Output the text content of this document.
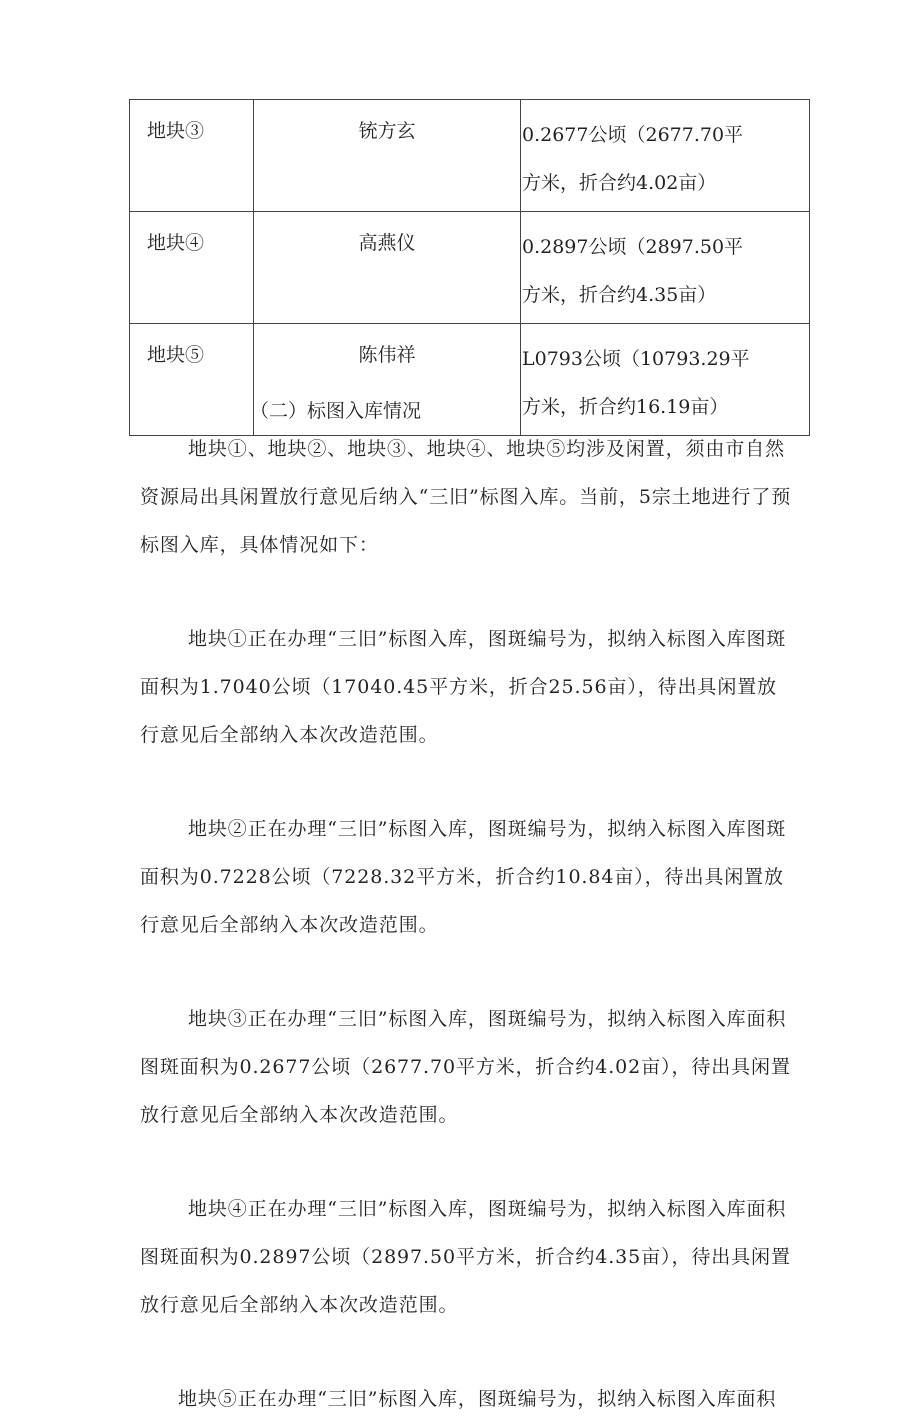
地块③	铳方玄	0.2677公顷（2677.70平
方米，折合约4.02亩）

地块④	高燕仪	0.2897公顷（2897.50平
方米，折合约4.35亩）

地块⑤	陈伟祥	L0793公顷（10793.29平
方米，折合约16.19亩）
（二）标图入库情况

地块①、地块②、地块③、地块④、地块⑤均涉及闲置，须由市自然资源局出具闲置放行意见后纳入“三旧”标图入库。当前，5宗土地进行了预标图入库，具体情况如下：

地块①正在办理“三旧”标图入库，图斑编号为，拟纳入标图入库图斑面积为1.7040公顷（17040.45平方米，折合25.56亩），待出具闲置放行意见后全部纳入本次改造范围。

地块②正在办理“三旧”标图入库，图斑编号为，拟纳入标图入库图斑面积为0.7228公顷（7228.32平方米，折合约10.84亩），待出具闲置放行意见后全部纳入本次改造范围。

地块③正在办理“三旧”标图入库，图斑编号为，拟纳入标图入库面积图斑面积为0.2677公顷（2677.70平方米，折合约4.02亩），待出具闲置放行意见后全部纳入本次改造范围。

地块④正在办理“三旧”标图入库，图斑编号为，拟纳入标图入库面积图斑面积为0.2897公顷（2897.50平方米，折合约4.35亩），待出具闲置放行意见后全部纳入本次改造范围。

地块⑤正在办理“三旧”标图入库，图斑编号为，拟纳入标图入库面积
